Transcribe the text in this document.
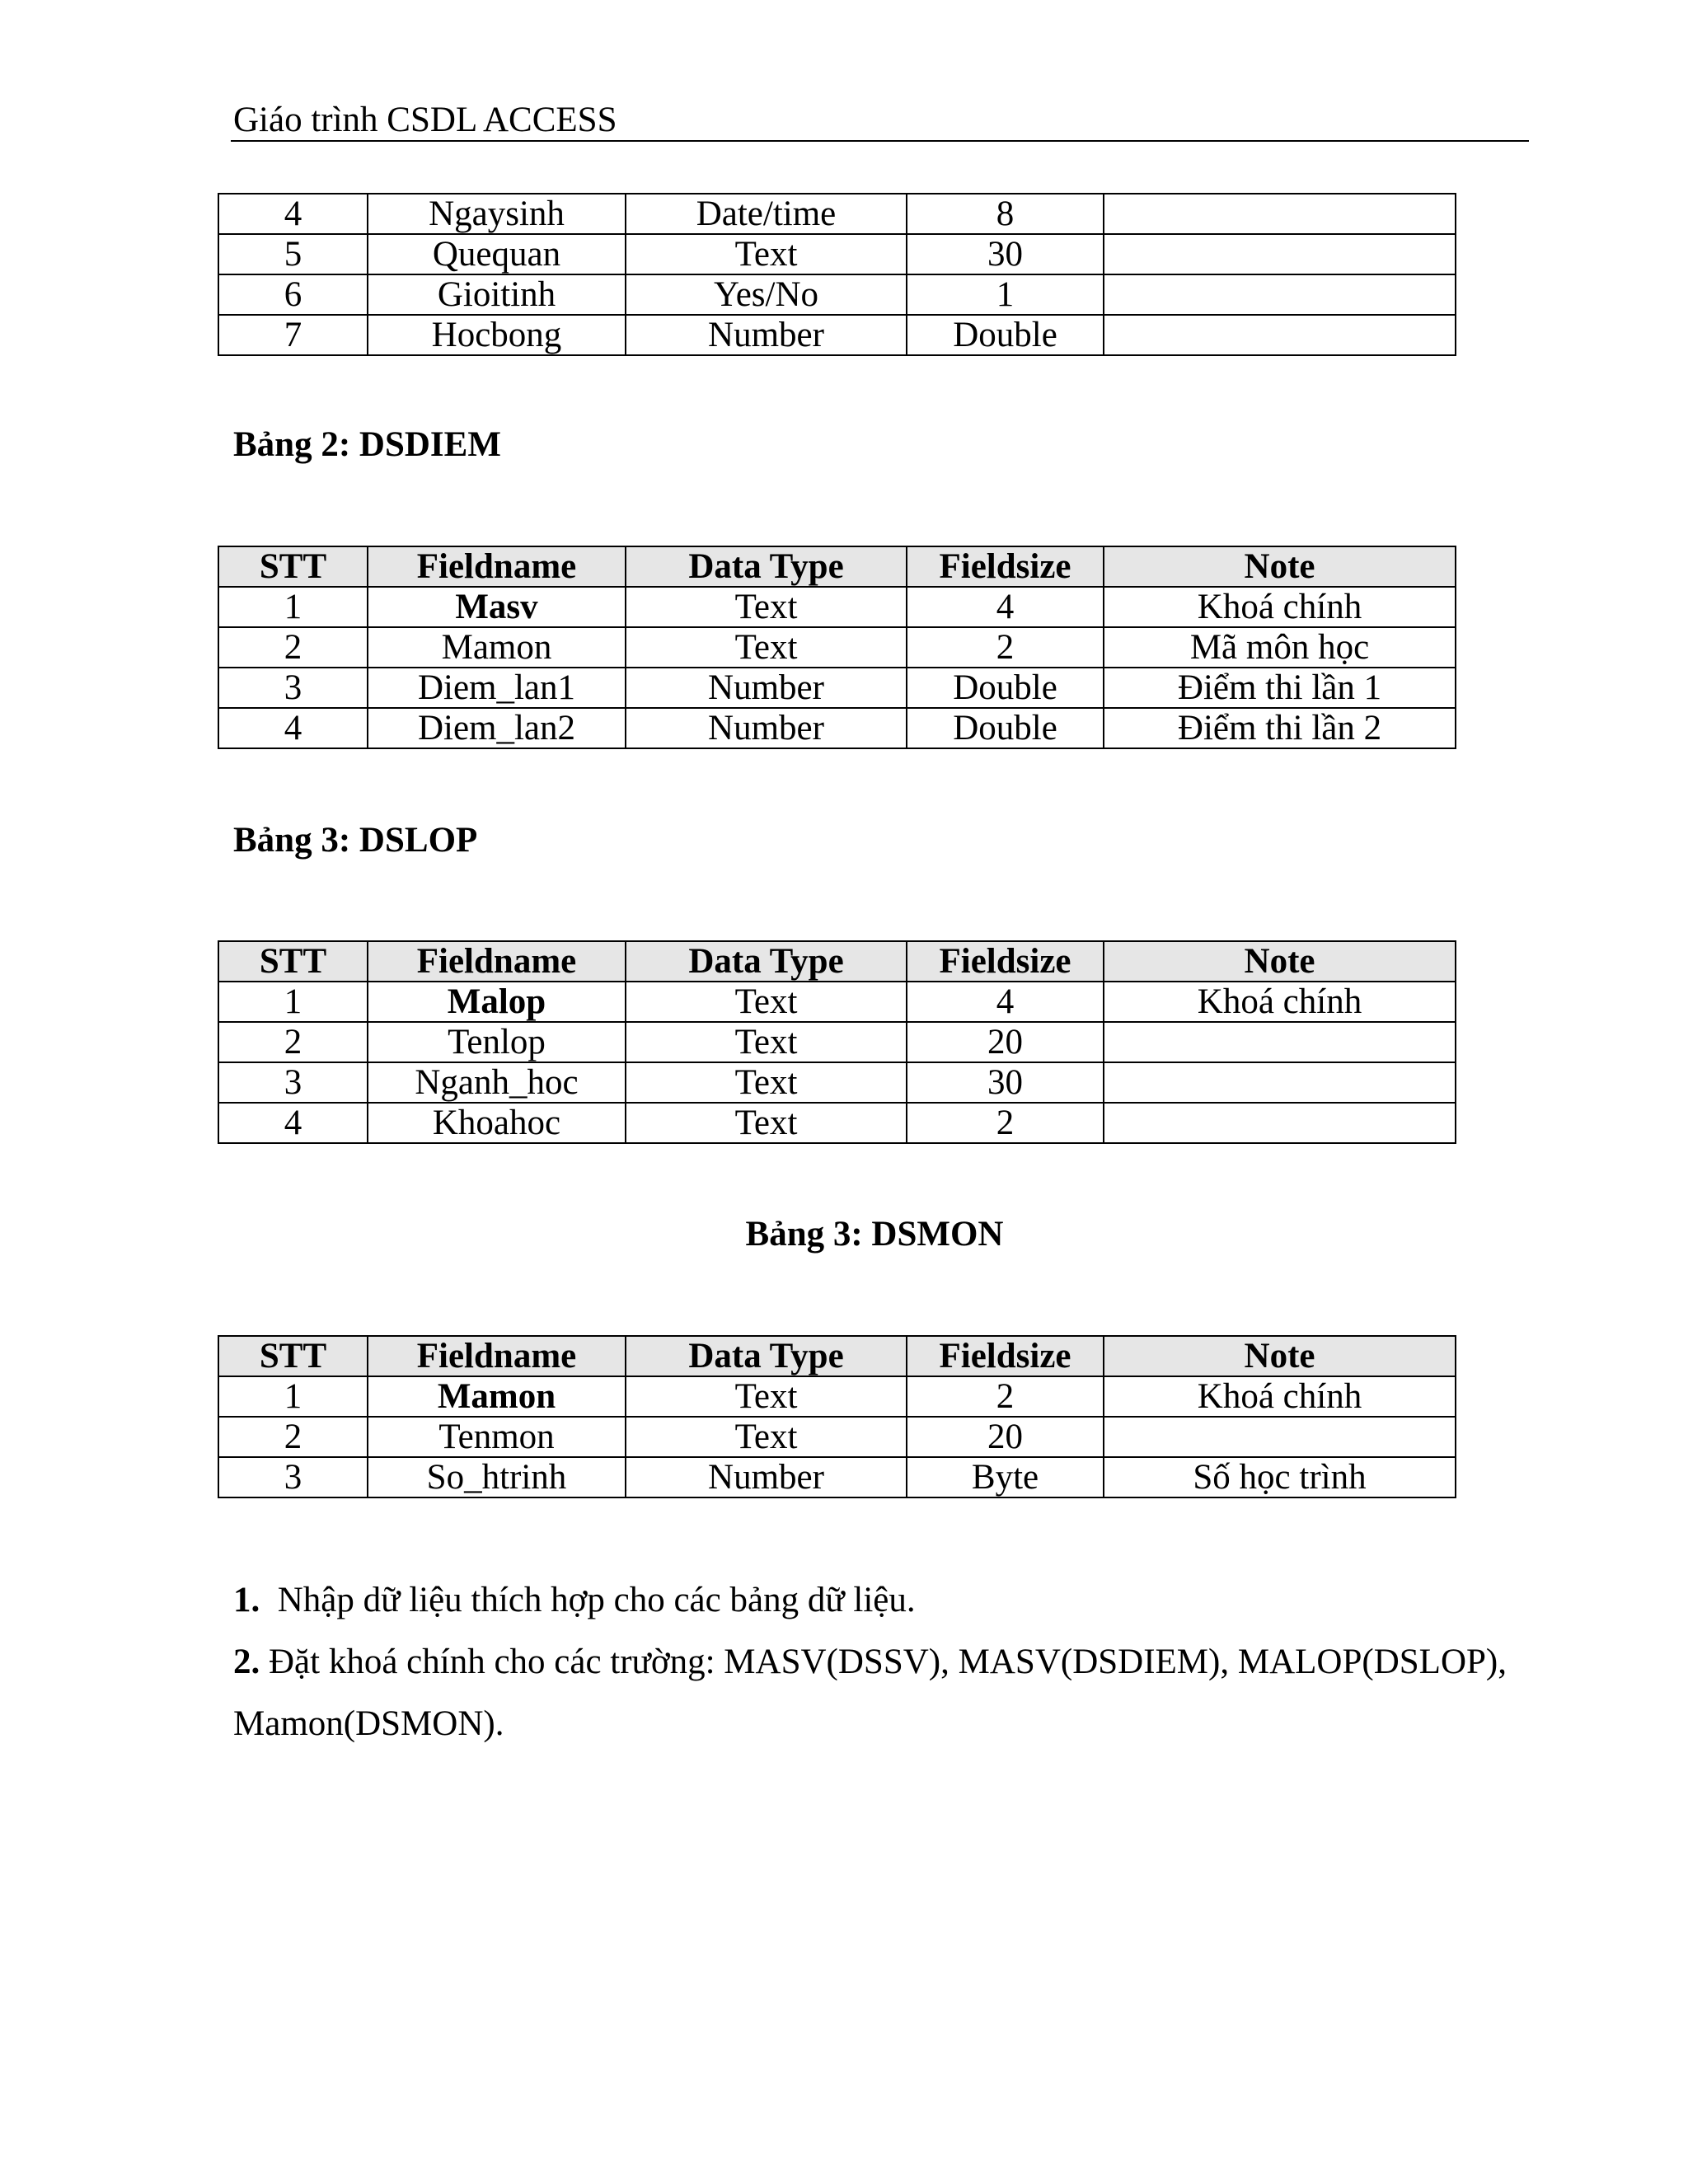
Giáo trình CSDL ACCESS
4	Ngaysinh	Date/time	8	
5	Quequan	Text	30	
6	Gioitinh	Yes/No	1	
7	Hocbong	Number	Double	
Bảng 2: DSDIEM
STT	Fieldname	Data Type	Fieldsize	Note
1	Masv	Text	4	Khoá chính
2	Mamon	Text	2	Mã môn học
3	Diem_lan1	Number	Double	Điểm thi lần 1
4	Diem_lan2	Number	Double	Điểm thi lần 2
Bảng 3: DSLOP
STT	Fieldname	Data Type	Fieldsize	Note
1	Malop	Text	4	Khoá chính
2	Tenlop	Text	20	
3	Nganh_hoc	Text	30	
4	Khoahoc	Text	2	
Bảng 3: DSMON
STT	Fieldname	Data Type	Fieldsize	Note
1	Mamon	Text	2	Khoá chính
2	Tenmon	Text	20	
3	So_htrinh	Number	Byte	Số học trình
1. Nhập dữ liệu thích hợp cho các bảng dữ liệu.
2. Đặt khoá chính cho các trường: MASV(DSSV), MASV(DSDIEM), MALOP(DSLOP),
Mamon(DSMON).
